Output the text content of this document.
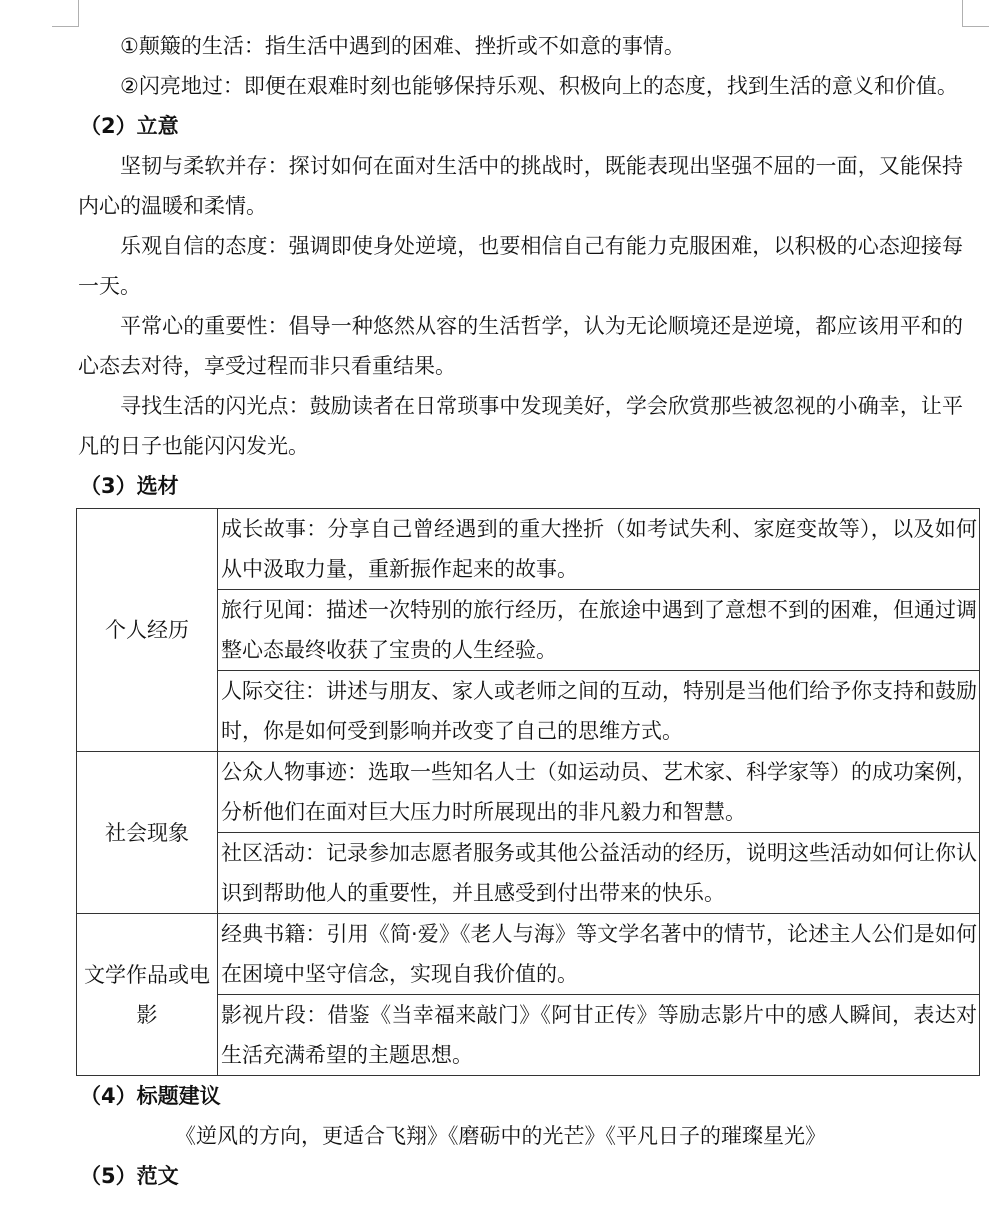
①颠簸的生活：指生活中遇到的困难、挫折或不如意的事情。

②闪亮地过：即便在艰难时刻也能够保持乐观、积极向上的态度，找到生活的意义和价值。

（2）立意

坚韧与柔软并存：探讨如何在面对生活中的挑战时，既能表现出坚强不屈的一面，又能保持内心的温暖和柔情。

乐观自信的态度：强调即使身处逆境，也要相信自己有能力克服困难，以积极的心态迎接每一天。

平常心的重要性：倡导一种悠然从容的生活哲学，认为无论顺境还是逆境，都应该用平和的心态去对待，享受过程而非只看重结果。

寻找生活的闪光点：鼓励读者在日常琐事中发现美好，学会欣赏那些被忽视的小确幸，让平凡的日子也能闪闪发光。

（3）选材

个人经历	成长故事：分享自己曾经遇到的重大挫折（如考试失利、家庭变故等），以及如何从中汲取力量，重新振作起来的故事。
	旅行见闻：描述一次特别的旅行经历，在旅途中遇到了意想不到的困难，但通过调整心态最终收获了宝贵的人生经验。
	人际交往：讲述与朋友、家人或老师之间的互动，特别是当他们给予你支持和鼓励时，你是如何受到影响并改变了自己的思维方式。
社会现象	公众人物事迹：选取一些知名人士（如运动员、艺术家、科学家等）的成功案例，分析他们在面对巨大压力时所展现出的非凡毅力和智慧。
	社区活动：记录参加志愿者服务或其他公益活动的经历，说明这些活动如何让你认识到帮助他人的重要性，并且感受到付出带来的快乐。
文学作品或电影	经典书籍：引用《简·爱》《老人与海》等文学名著中的情节，论述主人公们是如何在困境中坚守信念，实现自我价值的。
	影视片段：借鉴《当幸福来敲门》《阿甘正传》等励志影片中的感人瞬间，表达对生活充满希望的主题思想。

（4）标题建议

《逆风的方向，更适合飞翔》《磨砺中的光芒》《平凡日子的璀璨星光》

（5）范文
